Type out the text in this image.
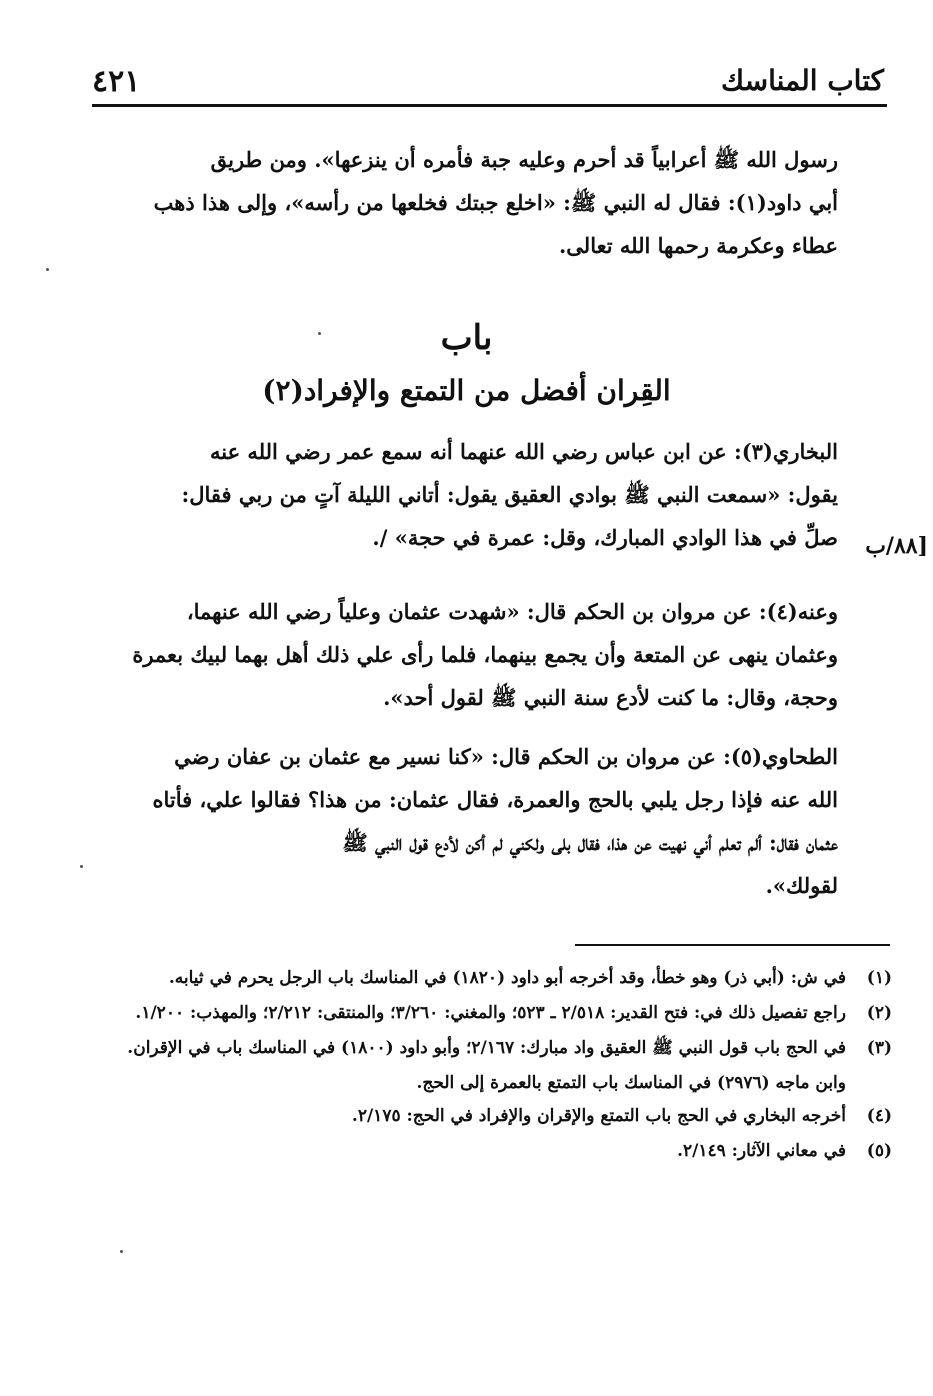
٤٢١	كتاب المناسك

رسول الله ﷺ أعرابياً قد أحرم وعليه جبة فأمره أن ينزعها». ومن طريق

أبي داود(١): فقال له النبي ﷺ: «اخلع جبتك فخلعها من رأسه»، وإلى هذا ذهب

عطاء وعكرمة رحمها الله تعالى.

باب
القِران أفضل من التمتع والإفراد(٢)

البخاري(٣): عن ابن عباس رضي الله عنهما أنه سمع عمر رضي الله عنه

يقول: «سمعت النبي ﷺ بوادي العقيق يقول: أتاني الليلة آتٍ من ربي فقال:

صلِّ في هذا الوادي المبارك، وقل: عمرة في حجة» /.	[٨٨/ب

وعنه(٤): عن مروان بن الحكم قال: «شهدت عثمان وعلياً رضي الله عنهما،

وعثمان ينهى عن المتعة وأن يجمع بينهما، فلما رأى علي ذلك أهل بهما لبيك بعمرة

وحجة، وقال: ما كنت لأدع سنة النبي ﷺ لقول أحد».

الطحاوي(٥): عن مروان بن الحكم قال: «كنا نسير مع عثمان بن عفان رضي

الله عنه فإذا رجل يلبي بالحج والعمرة، فقال عثمان: من هذا؟ فقالوا علي، فأتاه

عثمان فقال: ألم تعلم أني نهيت عن هذا، فقال بلى ولكني لم أكن لأدع قول النبي ﷺ

لقولك».

(١)
في ش: (أبي ذر) وهو خطأ، وقد أخرجه أبو داود (١٨٢٠) في المناسك باب الرجل يحرم في ثيابه.
(٢)
راجع تفصيل ذلك في: فتح القدير: ٢/٥١٨ ـ ٥٢٣؛ والمغني: ٣/٢٦٠؛ والمنتقى: ٢/٢١٢؛ والمهذب: ١/٢٠٠.
(٣)
في الحج باب قول النبي ﷺ العقيق واد مبارك: ٢/١٦٧؛ وأبو داود (١٨٠٠) في المناسك باب في الإقران.
وابن ماجه (٢٩٧٦) في المناسك باب التمتع بالعمرة إلى الحج.
(٤)
أخرجه البخاري في الحج باب التمتع والإقران والإفراد في الحج: ٢/١٧٥.
(٥)
في معاني الآثار: ٢/١٤٩.
